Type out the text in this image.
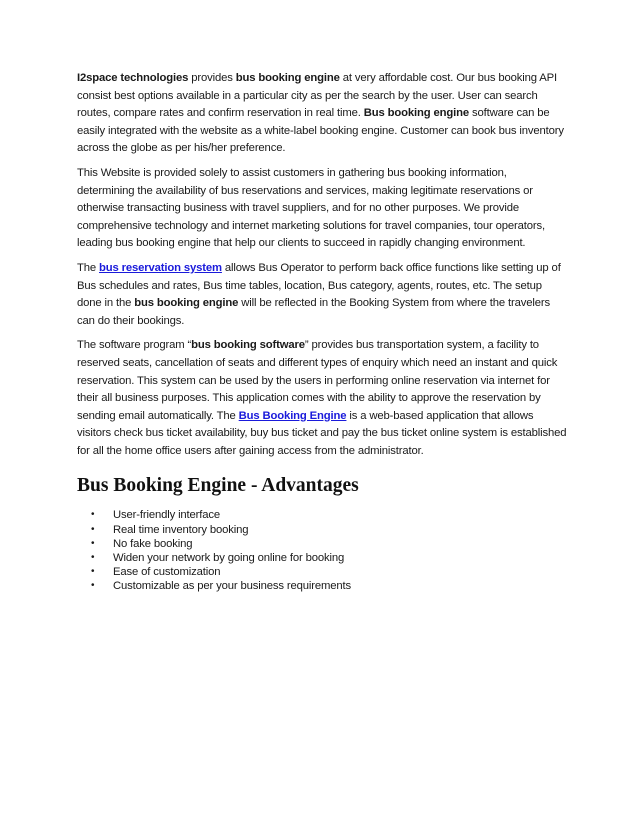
I2space technologies provides bus booking engine at very affordable cost. Our bus booking API consist best options available in a particular city as per the search by the user. User can search routes, compare rates and confirm reservation in real time. Bus booking engine software can be easily integrated with the website as a white-label booking engine. Customer can book bus inventory across the globe as per his/her preference.

This Website is provided solely to assist customers in gathering bus booking information, determining the availability of bus reservations and services, making legitimate reservations or otherwise transacting business with travel suppliers, and for no other purposes. We provide comprehensive technology and internet marketing solutions for travel companies, tour operators, leading bus booking engine that help our clients to succeed in rapidly changing environment.

The bus reservation system allows Bus Operator to perform back office functions like setting up of Bus schedules and rates, Bus time tables, location, Bus category, agents, routes, etc. The setup done in the bus booking engine will be reflected in the Booking System from where the travelers can do their bookings.

The software program “bus booking software” provides bus transportation system, a facility to reserved seats, cancellation of seats and different types of enquiry which need an instant and quick reservation. This system can be used by the users in performing online reservation via internet for their all business purposes. This application comes with the ability to approve the reservation by sending email automatically. The Bus Booking Engine is a web-based application that allows visitors check bus ticket availability, buy bus ticket and pay the bus ticket online system is established for all the home office users after gaining access from the administrator.

Bus Booking Engine - Advantages
• User-friendly interface
• Real time inventory booking
• No fake booking
• Widen your network by going online for booking
• Ease of customization
• Customizable as per your business requirements
